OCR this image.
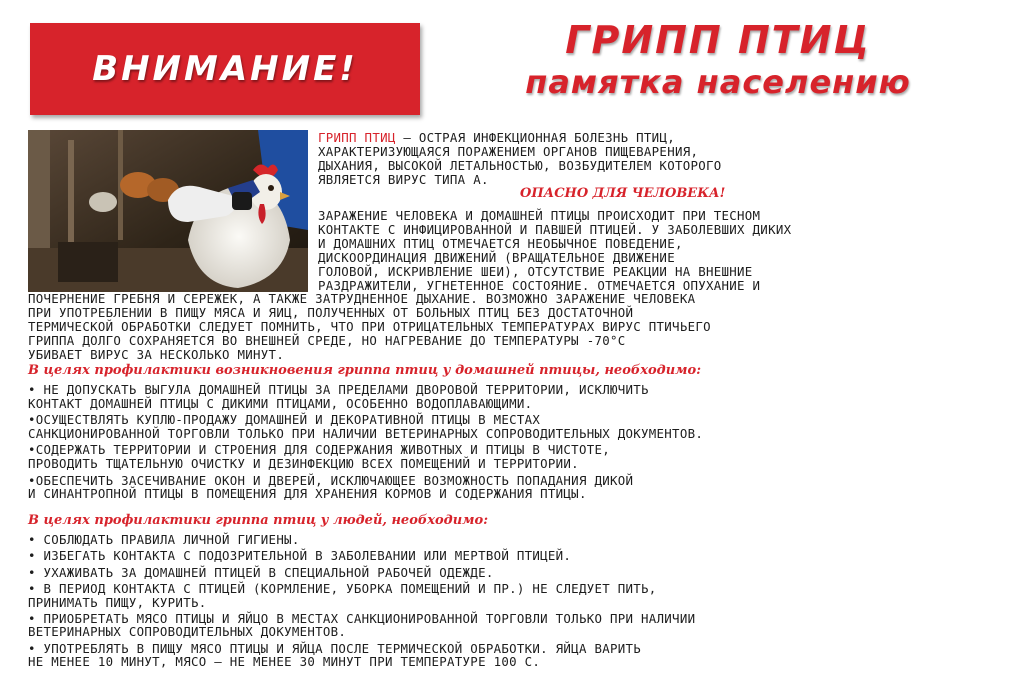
ВНИМАНИЕ!
ГРИПП ПТИЦ
памятка населению
ГРИПП ПТИЦ – ОСТРАЯ ИНФЕКЦИОННАЯ БОЛЕЗНЬ ПТИЦ,
ХАРАКТЕРИЗУЮЩАЯСЯ ПОРАЖЕНИЕМ ОРГАНОВ ПИЩЕВАРЕНИЯ,
ДЫХАНИЯ, ВЫСОКОЙ ЛЕТАЛЬНОСТЬЮ, ВОЗБУДИТЕЛЕМ КОТОРОГО
ЯВЛЯЕТСЯ ВИРУС ТИПА А.
ОПАСНО ДЛЯ ЧЕЛОВЕКА!
ЗАРАЖЕНИЕ ЧЕЛОВЕКА И ДОМАШНЕЙ ПТИЦЫ ПРОИСХОДИТ ПРИ ТЕСНОМ
КОНТАКТЕ С ИНФИЦИРОВАННОЙ И ПАВШЕЙ ПТИЦЕЙ. У ЗАБОЛЕВШИХ ДИКИХ
И ДОМАШНИХ ПТИЦ ОТМЕЧАЕТСЯ НЕОБЫЧНОЕ ПОВЕДЕНИЕ,
ДИСКООРДИНАЦИЯ ДВИЖЕНИЙ (ВРАЩАТЕЛЬНОЕ ДВИЖЕНИЕ
ГОЛОВОЙ, ИСКРИВЛЕНИЕ ШЕИ), ОТСУТСТВИЕ РЕАКЦИИ НА ВНЕШНИЕ
РАЗДРАЖИТЕЛИ, УГНЕТЕННОЕ СОСТОЯНИЕ. ОТМЕЧАЕТСЯ ОПУХАНИЕ И
ПОЧЕРНЕНИЕ ГРЕБНЯ И СЕРЕЖЕК, А ТАКЖЕ ЗАТРУДНЕННОЕ ДЫХАНИЕ. ВОЗМОЖНО ЗАРАЖЕНИЕ ЧЕЛОВЕКА
ПРИ УПОТРЕБЛЕНИИ В ПИЩУ МЯСА И ЯИЦ, ПОЛУЧЕННЫХ ОТ БОЛЬНЫХ ПТИЦ БЕЗ ДОСТАТОЧНОЙ
ТЕРМИЧЕСКОЙ ОБРАБОТКИ СЛЕДУЕТ ПОМНИТЬ, ЧТО ПРИ ОТРИЦАТЕЛЬНЫХ ТЕМПЕРАТУРАХ ВИРУС ПТИЧЬЕГО
ГРИППА ДОЛГО СОХРАНЯЕТСЯ ВО ВНЕШНЕЙ СРЕДЕ, НО НАГРЕВАНИЕ ДО ТЕМПЕРАТУРЫ -70°С
УБИВАЕТ ВИРУС ЗА НЕСКОЛЬКО МИНУТ.
В целях профилактики возникновения гриппа птиц у домашней птицы, необходимо:
• НЕ ДОПУСКАТЬ ВЫГУЛА ДОМАШНЕЙ ПТИЦЫ ЗА ПРЕДЕЛАМИ ДВОРОВОЙ ТЕРРИТОРИИ, ИСКЛЮЧИТЬ
КОНТАКТ ДОМАШНЕЙ ПТИЦЫ С ДИКИМИ ПТИЦАМИ, ОСОБЕННО ВОДОПЛАВАЮЩИМИ.
•ОСУЩЕСТВЛЯТЬ КУПЛЮ-ПРОДАЖУ ДОМАШНЕЙ И ДЕКОРАТИВНОЙ ПТИЦЫ В МЕСТАХ
САНКЦИОНИРОВАННОЙ ТОРГОВЛИ ТОЛЬКО ПРИ НАЛИЧИИ ВЕТЕРИНАРНЫХ СОПРОВОДИТЕЛЬНЫХ ДОКУМЕНТОВ.
•СОДЕРЖАТЬ ТЕРРИТОРИИ И СТРОЕНИЯ ДЛЯ СОДЕРЖАНИЯ ЖИВОТНЫХ И ПТИЦЫ В ЧИСТОТЕ,
ПРОВОДИТЬ ТЩАТЕЛЬНУЮ ОЧИСТКУ И ДЕЗИНФЕКЦИЮ ВСЕХ ПОМЕЩЕНИЙ И ТЕРРИТОРИИ.
•ОБЕСПЕЧИТЬ ЗАСЕЧИВАНИЕ ОКОН И ДВЕРЕЙ, ИСКЛЮЧАЮЩЕЕ ВОЗМОЖНОСТЬ ПОПАДАНИЯ ДИКОЙ
И СИНАНТРОПНОЙ ПТИЦЫ В ПОМЕЩЕНИЯ ДЛЯ ХРАНЕНИЯ КОРМОВ И СОДЕРЖАНИЯ ПТИЦЫ.
В целях профилактики гриппа птиц у людей, необходимо:
• СОБЛЮДАТЬ ПРАВИЛА ЛИЧНОЙ ГИГИЕНЫ.
• ИЗБЕГАТЬ КОНТАКТА С ПОДОЗРИТЕЛЬНОЙ В ЗАБОЛЕВАНИИ ИЛИ МЕРТВОЙ ПТИЦЕЙ.
• УХАЖИВАТЬ ЗА ДОМАШНЕЙ ПТИЦЕЙ В СПЕЦИАЛЬНОЙ РАБОЧЕЙ ОДЕЖДЕ.
• В ПЕРИОД КОНТАКТА С ПТИЦЕЙ (КОРМЛЕНИЕ, УБОРКА ПОМЕЩЕНИЙ И ПР.) НЕ СЛЕДУЕТ ПИТЬ,
ПРИНИМАТЬ ПИЩУ, КУРИТЬ.
• ПРИОБРЕТАТЬ МЯСО ПТИЦЫ И ЯЙЦО В МЕСТАХ САНКЦИОНИРОВАННОЙ ТОРГОВЛИ ТОЛЬКО ПРИ НАЛИЧИИ
ВЕТЕРИНАРНЫХ СОПРОВОДИТЕЛЬНЫХ ДОКУМЕНТОВ.
• УПОТРЕБЛЯТЬ В ПИЩУ МЯСО ПТИЦЫ И ЯЙЦА ПОСЛЕ ТЕРМИЧЕСКОЙ ОБРАБОТКИ. ЯЙЦА ВАРИТЬ
НЕ МЕНЕЕ 10 МИНУТ, МЯСО – НЕ МЕНЕЕ 30 МИНУТ ПРИ ТЕМПЕРАТУРЕ 100 С.
